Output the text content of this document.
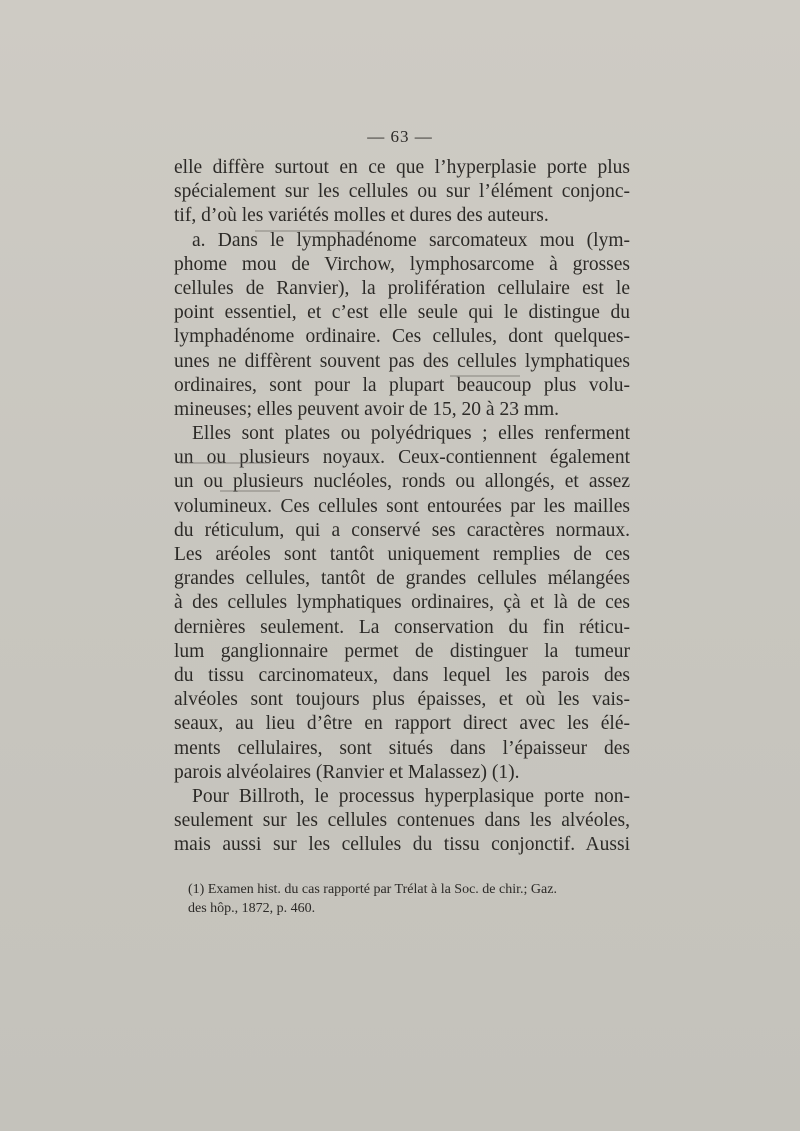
— 63 —
elle diffère surtout en ce que l’hyperplasie porte plus
spécialement sur les cellules ou sur l’élément conjonc-
tif, d’où les variétés molles et dures des auteurs.
a. Dans le lymphadénome sarcomateux mou (lym-
phome mou de Virchow, lymphosarcome à grosses
cellules de Ranvier), la prolifération cellulaire est le
point essentiel, et c’est elle seule qui le distingue du
lymphadénome ordinaire. Ces cellules, dont quelques-
unes ne diffèrent souvent pas des cellules lymphatiques
ordinaires, sont pour la plupart beaucoup plus volu-
mineuses; elles peuvent avoir de 15, 20 à 23 mm.
Elles sont plates ou polyédriques ; elles renferment
un ou plusieurs noyaux. Ceux-contiennent également
un ou plusieurs nucléoles, ronds ou allongés, et assez
volumineux. Ces cellules sont entourées par les mailles
du réticulum, qui a conservé ses caractères normaux.
Les aréoles sont tantôt uniquement remplies de ces
grandes cellules, tantôt de grandes cellules mélangées
à des cellules lymphatiques ordinaires, çà et là de ces
dernières seulement. La conservation du fin réticu-
lum ganglionnaire permet de distinguer la tumeur
du tissu carcinomateux, dans lequel les parois des
alvéoles sont toujours plus épaisses, et où les vais-
seaux, au lieu d’être en rapport direct avec les élé-
ments cellulaires, sont situés dans l’épaisseur des
parois alvéolaires (Ranvier et Malassez) (1).
Pour Billroth, le processus hyperplasique porte non-
seulement sur les cellules contenues dans les alvéoles,
mais aussi sur les cellules du tissu conjonctif. Aussi
(1) Examen hist. du cas rapporté par Trélat à la Soc. de chir.; Gaz.
des hôp., 1872, p. 460.
